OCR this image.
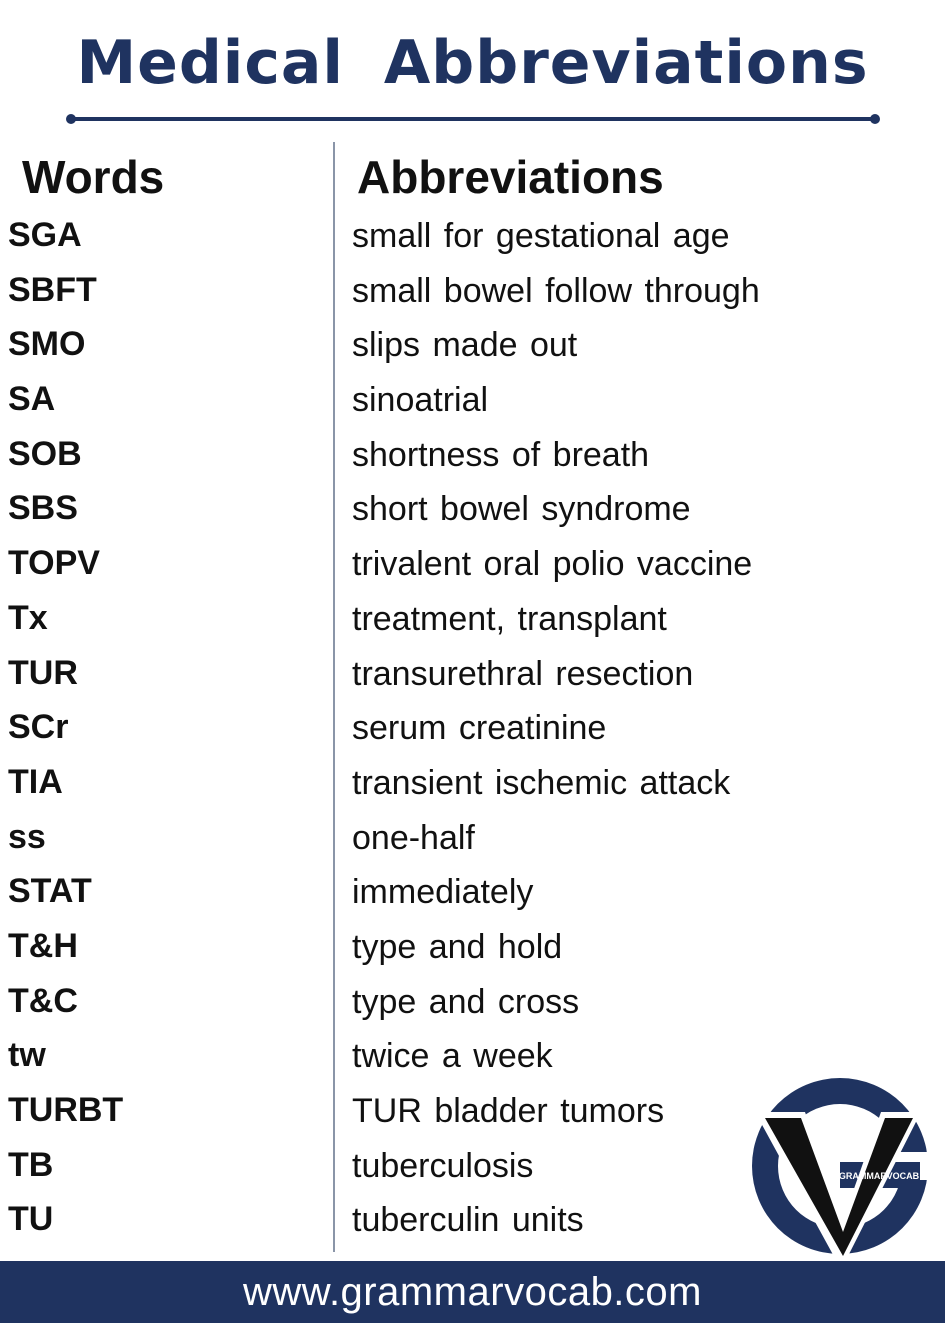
Medical Abbreviations
Words	Abbreviations
SGA	small for gestational age
SBFT	small bowel follow through
SMO	slips made out
SA	sinoatrial
SOB	shortness of breath
SBS	short bowel syndrome
TOPV	trivalent oral polio vaccine
Tx	treatment, transplant
TUR	transurethral resection
SCr	serum creatinine
TIA	transient ischemic attack
ss	one-half
STAT	immediately
T&H	type and hold
T&C	type and cross
tw	twice a week
TURBT	TUR bladder tumors
TB	tuberculosis
TU	tuberculin units
GRAMMARVOCAB
www.grammarvocab.com
